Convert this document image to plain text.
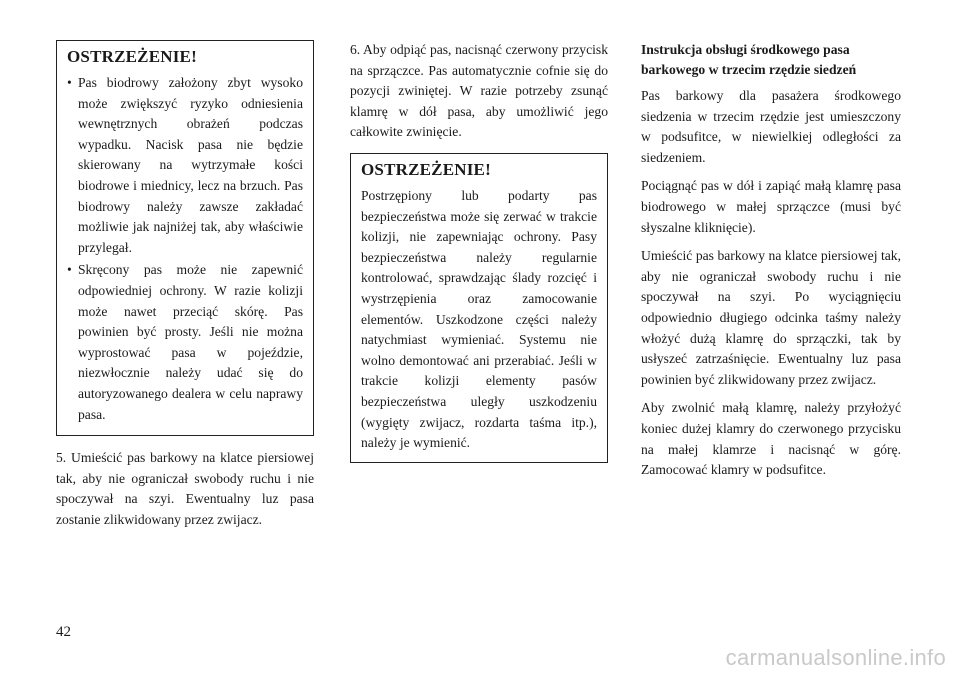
OSTRZEŻENIE!
• Pas biodrowy założony zbyt wysoko może zwiększyć ryzyko odniesienia wewnętrznych obrażeń podczas wypadku. Nacisk pasa nie będzie skierowany na wytrzymałe kości biodrowe i miednicy, lecz na brzuch. Pas biodrowy należy zawsze zakładać możliwie jak najniżej tak, aby właściwie przylegał.
• Skręcony pas może nie zapewnić odpowiedniej ochrony. W razie kolizji może nawet przeciąć skórę. Pas powinien być prosty. Jeśli nie można wyprostować pasa w pojeździe, niezwłocznie należy udać się do autoryzowanego dealera w celu naprawy pasa.

5. Umieścić pas barkowy na klatce piersiowej tak, aby nie ograniczał swobody ruchu i nie spoczywał na szyi. Ewentualny luz pasa zostanie zlikwidowany przez zwijacz.

6. Aby odpiąć pas, nacisnąć czerwony przycisk na sprzączce. Pas automatycznie cofnie się do pozycji zwiniętej. W razie potrzeby zsunąć klamrę w dół pasa, aby umożliwić jego całkowite zwinięcie.

OSTRZEŻENIE!

Postrzępiony lub podarty pas bezpieczeństwa może się zerwać w trakcie kolizji, nie zapewniając ochrony. Pasy bezpieczeństwa należy regularnie kontrolować, sprawdzając ślady rozcięć i wystrzępienia oraz zamocowanie elementów. Uszkodzone części należy natychmiast wymieniać. Systemu nie wolno demontować ani przerabiać. Jeśli w trakcie kolizji elementy pasów bezpieczeństwa uległy uszkodzeniu (wygięty zwijacz, rozdarta taśma itp.), należy je wymienić.

Instrukcja obsługi środkowego pasa barkowego w trzecim rzędzie siedzeń

Pas barkowy dla pasażera środkowego siedzenia w trzecim rzędzie jest umieszczony w podsufitce, w niewielkiej odległości za siedzeniem.

Pociągnąć pas w dół i zapiąć małą klamrę pasa biodrowego w małej sprzączce (musi być słyszalne kliknięcie).

Umieścić pas barkowy na klatce piersiowej tak, aby nie ograniczał swobody ruchu i nie spoczywał na szyi. Po wyciągnięciu odpowiednio długiego odcinka taśmy należy włożyć dużą klamrę do sprzączki, tak by usłyszeć zatrzaśnięcie. Ewentualny luz pasa powinien być zlikwidowany przez zwijacz.

Aby zwolnić małą klamrę, należy przyłożyć koniec dużej klamry do czerwonego przycisku na małej klamrze i nacisnąć w górę. Zamocować klamry w podsufitce.

42
carmanualsonline.info
